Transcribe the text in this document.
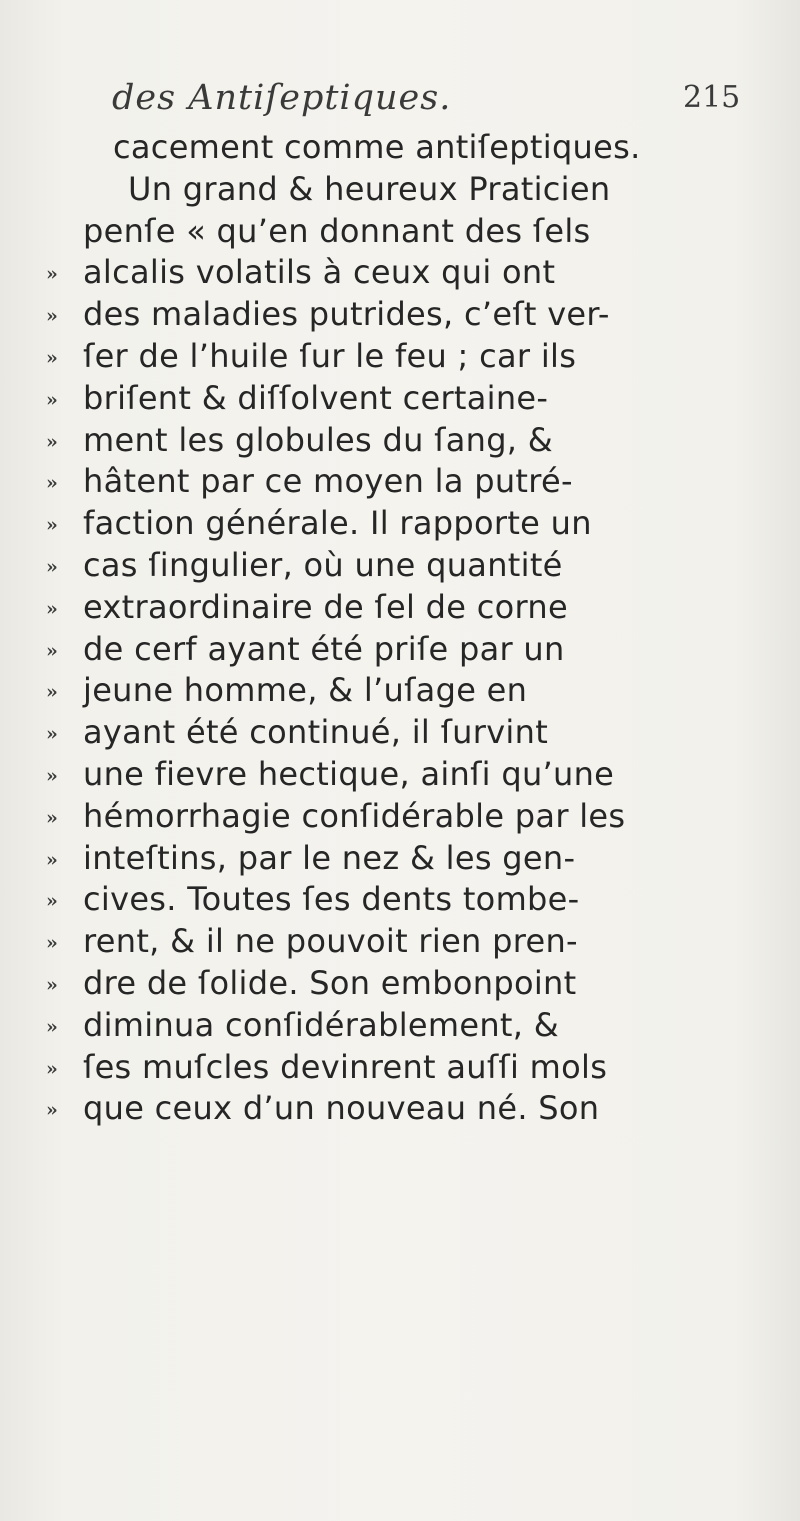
des Antiſeptiques.	215
cacement comme antiſeptiques.
Un grand & heureux Praticien
penſe « qu’en donnant des ſels
» alcalis volatils à ceux qui ont
» des maladies putrides, c’eſt ver-
» ſer de l’huile ſur le feu ; car ils
» briſent & diſſolvent certaine-
» ment les globules du ſang, &
» hâtent par ce moyen la putré-
» faction générale. Il rapporte un
» cas ſingulier, où une quantité
» extraordinaire de ſel de corne
» de cerf ayant été priſe par un
» jeune homme, & l’uſage en
» ayant été continué, il ſurvint
» une fievre hectique, ainſi qu’une
» hémorrhagie conſidérable par les
» inteſtins, par le nez & les gen-
» cives. Toutes ſes dents tombe-
» rent, & il ne pouvoit rien pren-
» dre de ſolide. Son embonpoint
» diminua conſidérablement, &
» ſes muſcles devinrent auſſi mols
» que ceux d’un nouveau né. Son
